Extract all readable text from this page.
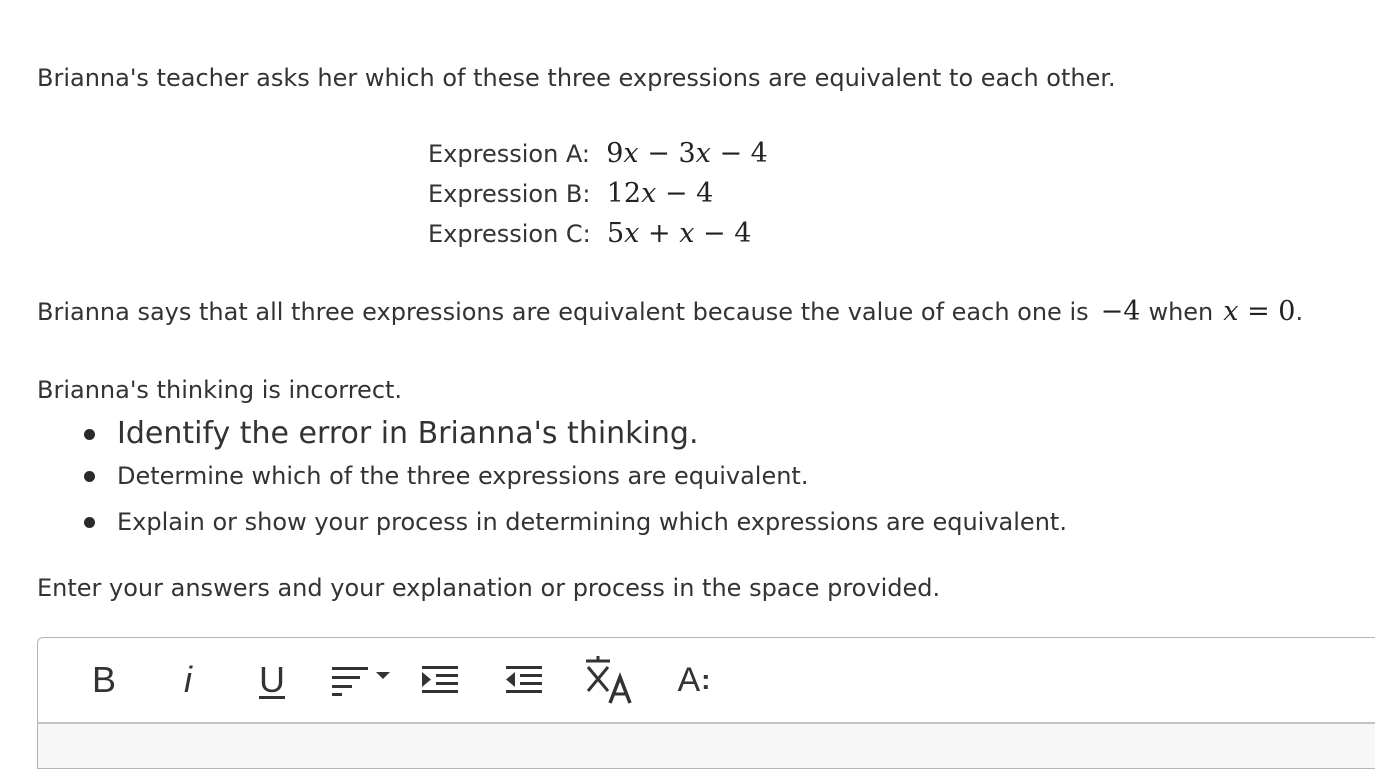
Brianna's teacher asks her which of these three expressions are equivalent to each other.

Expression A: 9x − 3x − 4
Expression B: 12x − 4
Expression C: 5x + x − 4

Brianna says that all three expressions are equivalent because the value of each one is −4 when x = 0.

Brianna's thinking is incorrect.

Identify the error in Brianna's thinking.
Determine which of the three expressions are equivalent.
Explain or show your process in determining which expressions are equivalent.

Enter your answers and your explanation or process in the space provided.

B i U	A :
